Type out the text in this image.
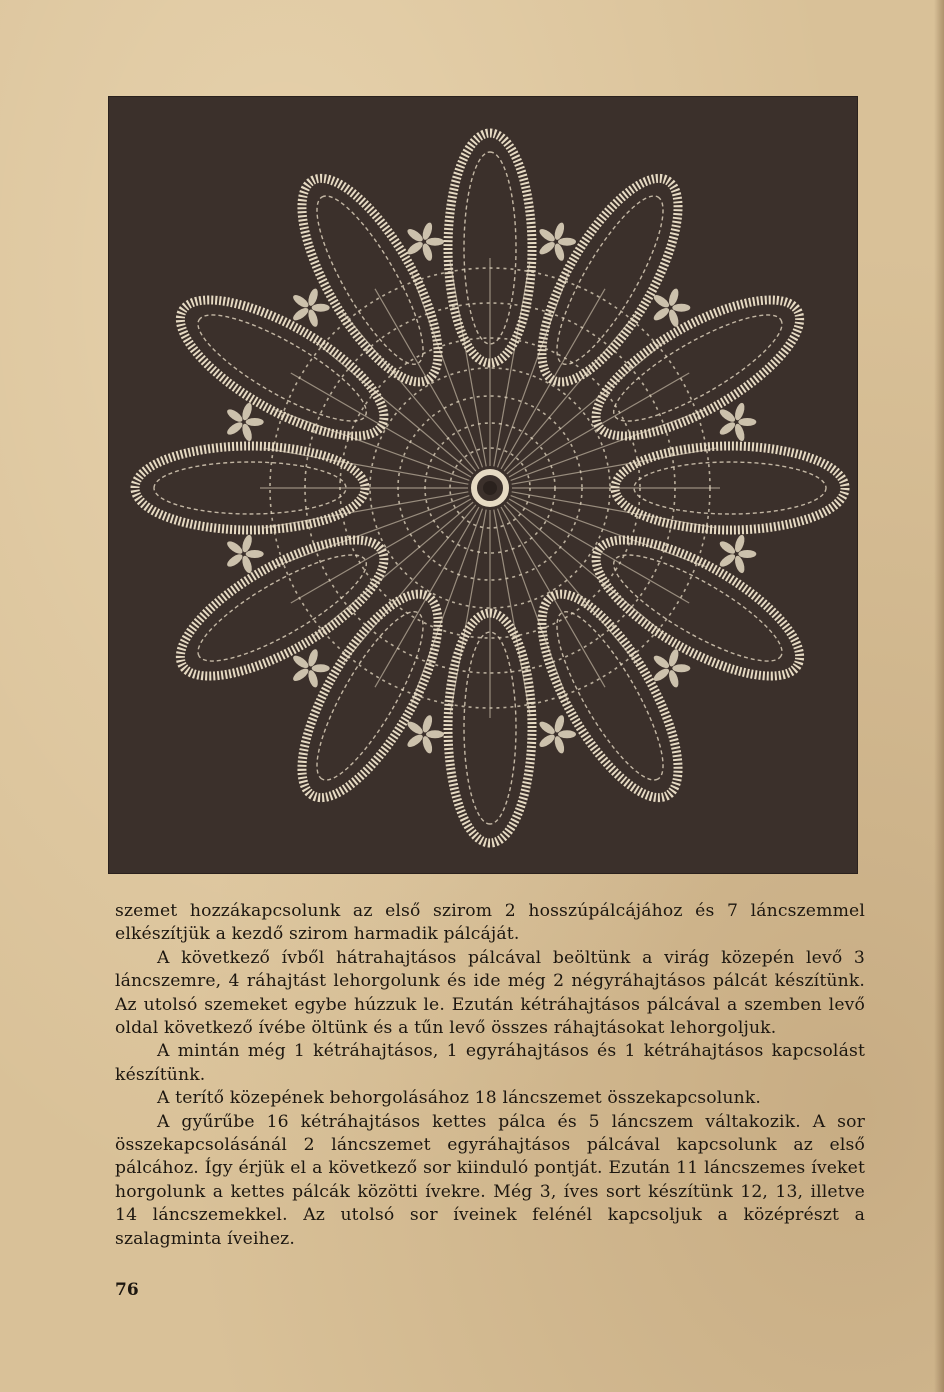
szemet hozzákapcsolunk az első szirom 2 hosszúpálcájához és 7 láncszemmel elkészítjük a kezdő szirom harmadik pálcáját.

A következő ívből hátrahajtásos pálcával beöltünk a virág közepén levő 3 láncszemre, 4 ráhajtást lehorgolunk és ide még 2 négyráhajtásos pálcát készítünk. Az utolsó szemeket egybe húzzuk le. Ezután kétráhajtásos pálcával a szemben levő oldal következő ívébe öltünk és a tűn levő összes ráhajtásokat lehorgoljuk.

A mintán még 1 kétráhajtásos, 1 egyráhajtásos és 1 kétráhajtásos kapcsolást készítünk.

A terítő közepének behorgolásához 18 láncszemet összekapcsolunk.

A gyűrűbe 16 kétráhajtásos kettes pálca és 5 láncszem váltakozik. A sor összekapcsolásánál 2 láncszemet egyráhajtásos pálcával kapcsolunk az első pálcához. Így érjük el a következő sor kiinduló pontját. Ezután 11 láncszemes íveket horgolunk a kettes pálcák közötti ívekre. Még 3, íves sort készítünk 12, 13, illetve 14 láncszemekkel. Az utolsó sor íveinek felénél kapcsoljuk a középrészt a szalagminta íveihez.

76
